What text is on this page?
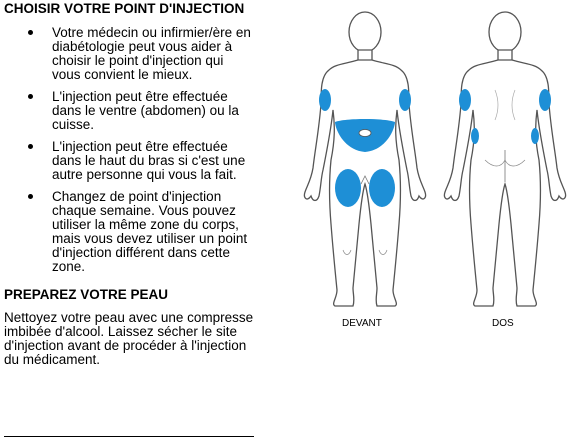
CHOISIR VOTRE POINT D'INJECTION
Votre médecin ou infirmier/ère en diabétologie peut vous aider à choisir le point d'injection qui vous convient le mieux.
L'injection peut être effectuée dans le ventre (abdomen) ou la cuisse.
L'injection peut être effectuée dans le haut du bras si c'est une autre personne qui vous la fait.
Changez de point d'injection chaque semaine. Vous pouvez utiliser la même zone du corps, mais vous devez utiliser un point d'injection différent dans cette zone.
PREPAREZ VOTRE PEAU
Nettoyez votre peau avec une compresse imbibée d'alcool. Laissez sécher le site d'injection avant de procéder à l'injection du médicament.
DEVANT	DOS
